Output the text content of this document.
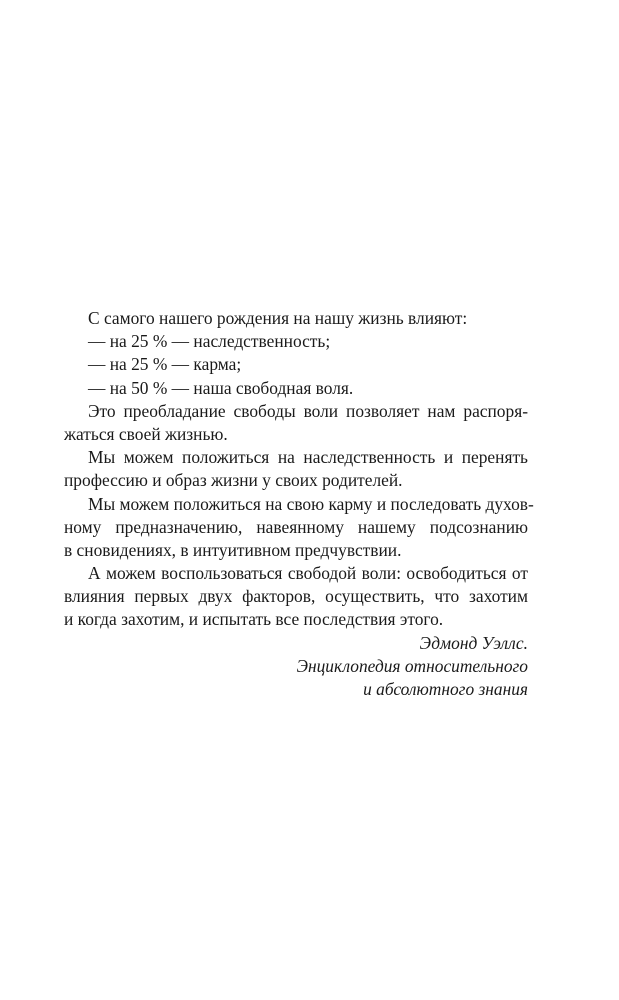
С самого нашего рождения на нашу жизнь влияют:
— на 25 % — наследственность;
— на 25 % — карма;
— на 50 % — наша свободная воля.
Это преобладание свободы воли позволяет нам распоря-
жаться своей жизнью.
Мы можем положиться на наследственность и перенять
профессию и образ жизни у своих родителей.
Мы можем положиться на свою карму и последовать духов-
ному предназначению, навеянному нашему подсознанию
в сновидениях, в интуитивном предчувствии.
А можем воспользоваться свободой воли: освободиться от
влияния первых двух факторов, осуществить, что захотим
и когда захотим, и испытать все последствия этого.
Эдмонд Уэллс.
Энциклопедия относительного
и абсолютного знания
